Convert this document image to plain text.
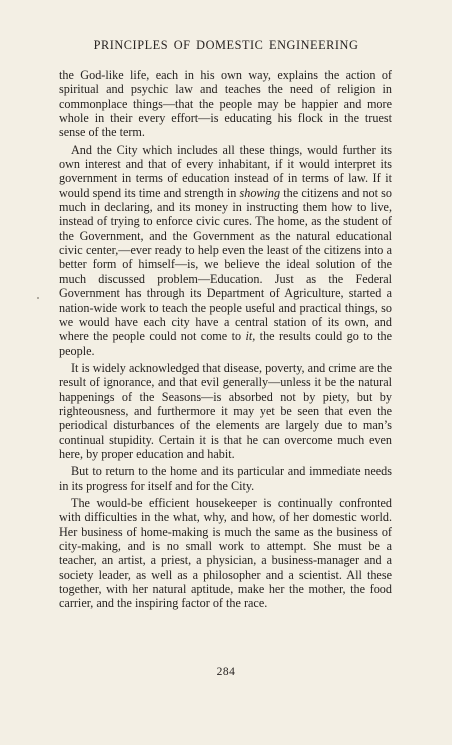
PRINCIPLES OF DOMESTIC ENGINEERING

the God-like life, each in his own way, explains the action of spiritual and psychic law and teaches the need of religion in commonplace things—that the people may be happier and more whole in their every effort—is educating his flock in the truest sense of the term.

And the City which includes all these things, would further its own interest and that of every inhabitant, if it would interpret its government in terms of education instead of in terms of law. If it would spend its time and strength in showing the citizens and not so much in declaring, and its money in instructing them how to live, instead of trying to enforce civic cures. The home, as the student of the Government, and the Government as the natural educational civic center,—ever ready to help even the least of the citizens into a better form of himself—is, we believe the ideal solution of the much discussed problem—Education. Just as the Federal Government has through its Department of Agriculture, started a nation-wide work to teach the people useful and practical things, so we would have each city have a central station of its own, and where the people could not come to it, the results could go to the people.

It is widely acknowledged that disease, poverty, and crime are the result of ignorance, and that evil generally—unless it be the natural happenings of the Seasons—is absorbed not by piety, but by righteousness, and furthermore it may yet be seen that even the periodical disturbances of the elements are largely due to man’s continual stupidity. Certain it is that he can overcome much even here, by proper education and habit.

But to return to the home and its particular and immediate needs in its progress for itself and for the City.

The would-be efficient housekeeper is continually confronted with difficulties in the what, why, and how, of her domestic world. Her business of home-making is much the same as the business of city-making, and is no small work to attempt. She must be a teacher, an artist, a priest, a physician, a business-manager and a society leader, as well as a philosopher and a scientist. All these together, with her natural aptitude, make her the mother, the food carrier, and the inspiring factor of the race.

284
